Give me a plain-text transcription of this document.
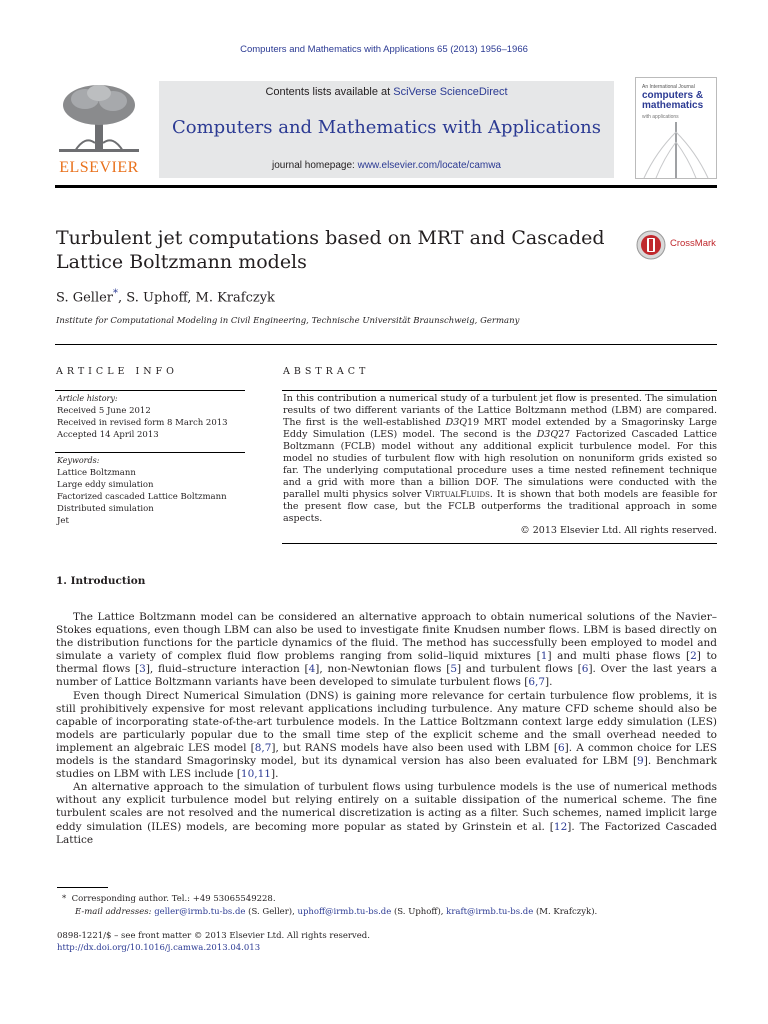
Computers and Mathematics with Applications 65 (2013) 1956–1966
ELSEVIER
Contents lists available at SciVerse ScienceDirect
Computers and Mathematics with Applications
journal homepage: www.elsevier.com/locate/camwa
An International Journal
computers & mathematics
with applications
Turbulent jet computations based on MRT and Cascaded Lattice Boltzmann models
CrossMark
S. Geller*, S. Uphoff, M. Krafczyk
Institute for Computational Modeling in Civil Engineering, Technische Universität Braunschweig, Germany
ARTICLE INFO
Article history:
Received 5 June 2012
Received in revised form 8 March 2013
Accepted 14 April 2013
Keywords:
Lattice Boltzmann
Large eddy simulation
Factorized cascaded Lattice Boltzmann
Distributed simulation
Jet
ABSTRACT
In this contribution a numerical study of a turbulent jet flow is presented. The simulation results of two different variants of the Lattice Boltzmann method (LBM) are compared. The first is the well-established D3Q19 MRT model extended by a Smagorinsky Large Eddy Simulation (LES) model. The second is the D3Q27 Factorized Cascaded Lattice Boltzmann (FCLB) model without any additional explicit turbulence model. For this model no studies of turbulent flow with high resolution on nonuniform grids existed so far. The underlying computational procedure uses a time nested refinement technique and a grid with more than a billion DOF. The simulations were conducted with the parallel multi physics solver VirtualFluids. It is shown that both models are feasible for the present flow case, but the FCLB outperforms the traditional approach in some aspects.
© 2013 Elsevier Ltd. All rights reserved.
1. Introduction

The Lattice Boltzmann model can be considered an alternative approach to obtain numerical solutions of the Navier–Stokes equations, even though LBM can also be used to investigate finite Knudsen number flows. LBM is based directly on the distribution functions for the particle dynamics of the fluid. The method has successfully been employed to model and simulate a variety of complex fluid flow problems ranging from solid–liquid mixtures [1] and multi phase flows [2] to thermal flows [3], fluid–structure interaction [4], non-Newtonian flows [5] and turbulent flows [6]. Over the last years a number of Lattice Boltzmann variants have been developed to simulate turbulent flows [6,7].

Even though Direct Numerical Simulation (DNS) is gaining more relevance for certain turbulence flow problems, it is still prohibitively expensive for most relevant applications including turbulence. Any mature CFD scheme should also be capable of incorporating state-of-the-art turbulence models. In the Lattice Boltzmann context large eddy simulation (LES) models are particularly popular due to the small time step of the explicit scheme and the small overhead needed to implement an algebraic LES model [8,7], but RANS models have also been used with LBM [6]. A common choice for LES models is the standard Smagorinsky model, but its dynamical version has also been evaluated for LBM [9]. Benchmark studies on LBM with LES include [10,11].

An alternative approach to the simulation of turbulent flows using turbulence models is the use of numerical methods without any explicit turbulence model but relying entirely on a suitable dissipation of the numerical scheme. The fine turbulent scales are not resolved and the numerical discretization is acting as a filter. Such schemes, named implicit large eddy simulation (ILES) models, are becoming more popular as stated by Grinstein et al. [12]. The Factorized Cascaded Lattice

* Corresponding author. Tel.: +49 53065549228.
E-mail addresses: geller@irmb.tu-bs.de (S. Geller), uphoff@irmb.tu-bs.de (S. Uphoff), kraft@irmb.tu-bs.de (M. Krafczyk).
0898-1221/$ – see front matter © 2013 Elsevier Ltd. All rights reserved.
http://dx.doi.org/10.1016/j.camwa.2013.04.013
